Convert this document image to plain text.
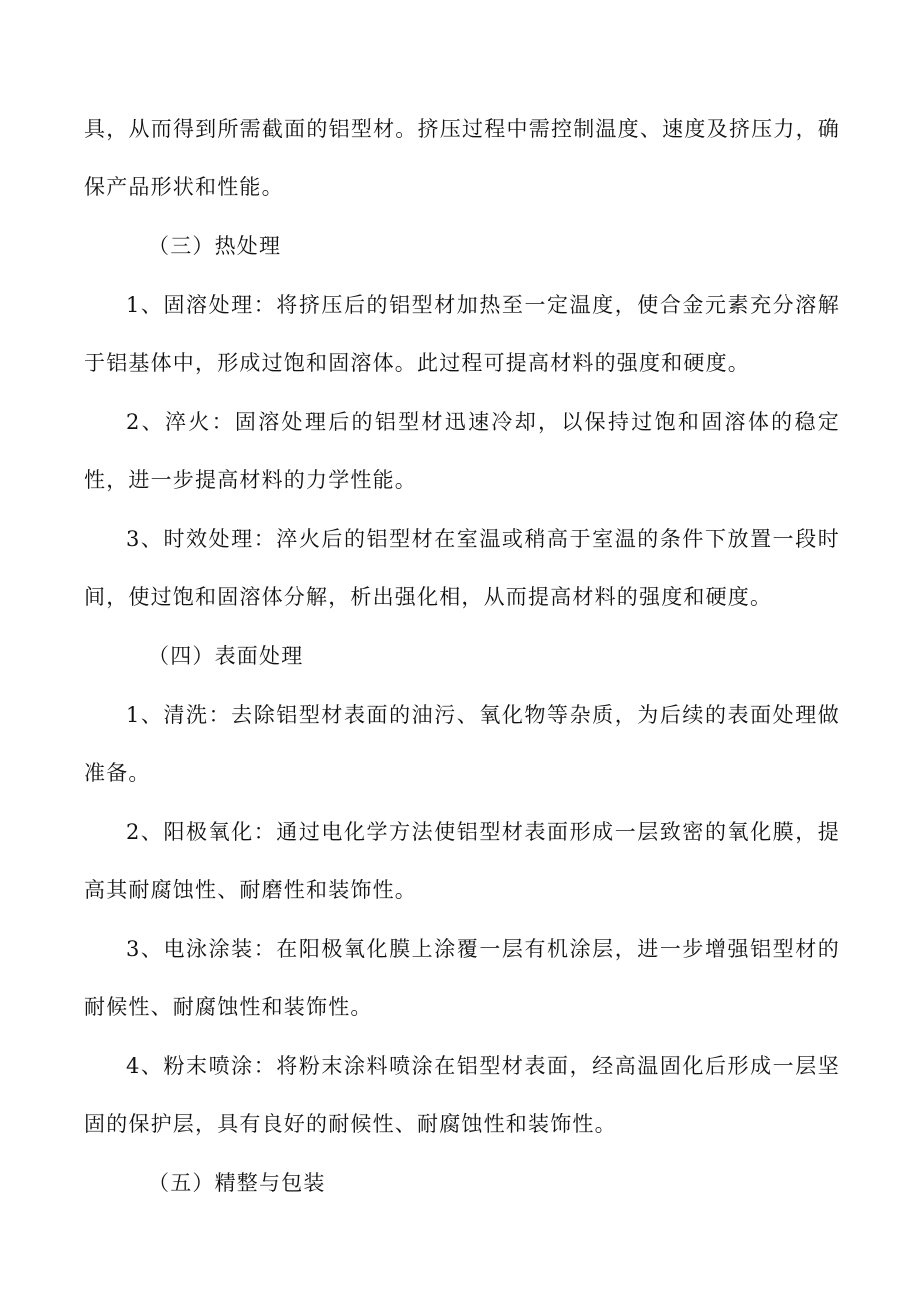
具，从而得到所需截面的铝型材。挤压过程中需控制温度、速度及挤压力，确保产品形状和性能。

（三）热处理

1、固溶处理：将挤压后的铝型材加热至一定温度，使合金元素充分溶解于铝基体中，形成过饱和固溶体。此过程可提高材料的强度和硬度。

2、淬火：固溶处理后的铝型材迅速冷却，以保持过饱和固溶体的稳定性，进一步提高材料的力学性能。

3、时效处理：淬火后的铝型材在室温或稍高于室温的条件下放置一段时间，使过饱和固溶体分解，析出强化相，从而提高材料的强度和硬度。

（四）表面处理

1、清洗：去除铝型材表面的油污、氧化物等杂质，为后续的表面处理做准备。

2、阳极氧化：通过电化学方法使铝型材表面形成一层致密的氧化膜，提高其耐腐蚀性、耐磨性和装饰性。

3、电泳涂装：在阳极氧化膜上涂覆一层有机涂层，进一步增强铝型材的耐候性、耐腐蚀性和装饰性。

4、粉末喷涂：将粉末涂料喷涂在铝型材表面，经高温固化后形成一层坚固的保护层，具有良好的耐候性、耐腐蚀性和装饰性。

（五）精整与包装
